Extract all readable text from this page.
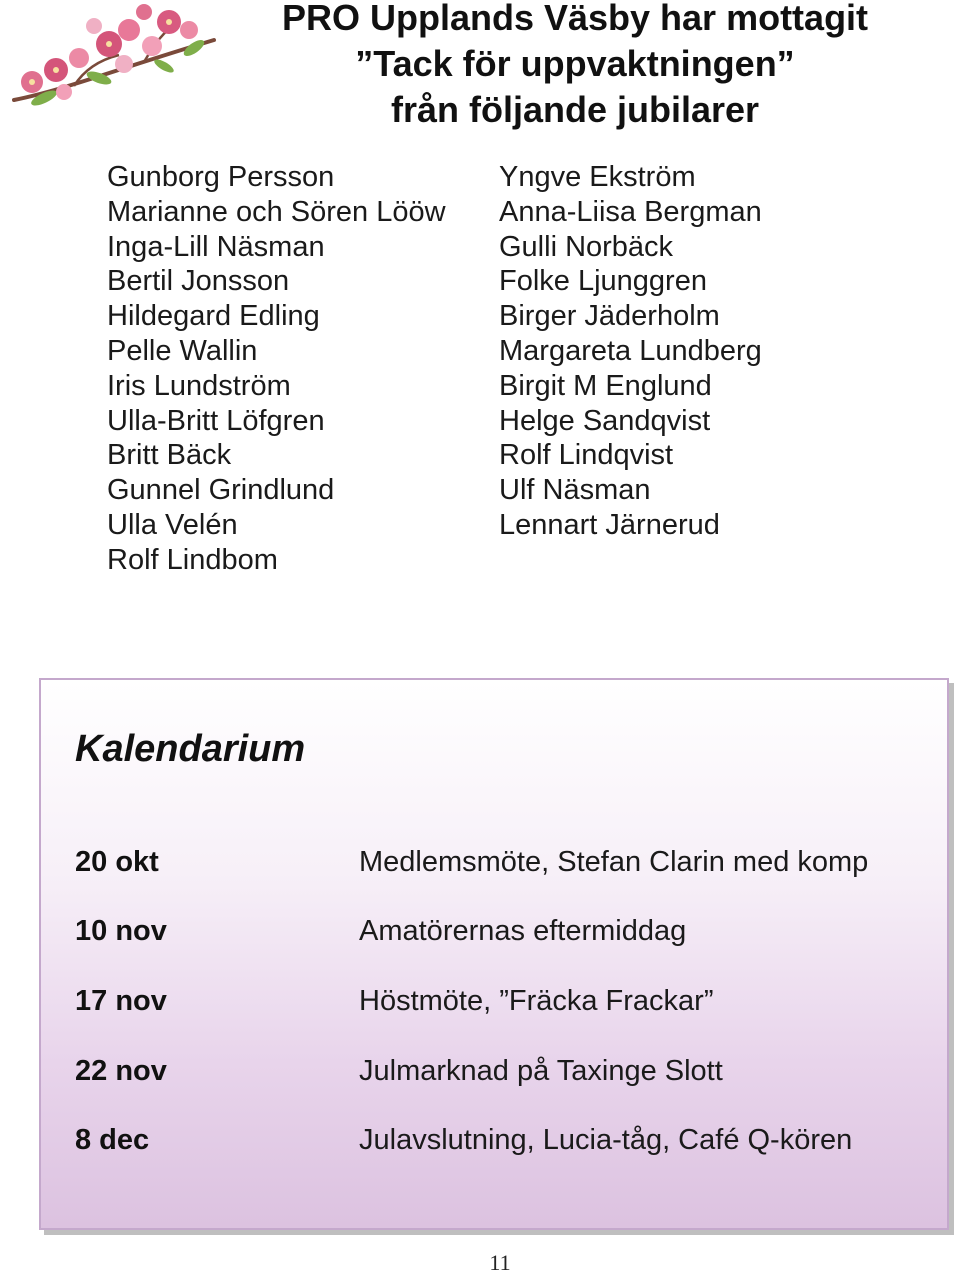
PRO Upplands Väsby har mottagit
”Tack för uppvaktningen”
från följande jubilarer
Gunborg Persson
Marianne och Sören Lööw
Inga-Lill Näsman
Bertil Jonsson
Hildegard Edling
Pelle Wallin
Iris Lundström
Ulla-Britt Löfgren
Britt Bäck
Gunnel Grindlund
Ulla Velén
Rolf Lindbom
Yngve Ekström
Anna-Liisa Bergman
Gulli Norbäck
Folke Ljunggren
Birger Jäderholm
Margareta Lundberg
Birgit M Englund
Helge Sandqvist
Rolf Lindqvist
Ulf Näsman
Lennart Järnerud
Kalendarium
20 okt	Medlemsmöte, Stefan Clarin med komp
10 nov	Amatörernas eftermiddag
17 nov	Höstmöte, ”Fräcka Frackar”
22 nov	Julmarknad på Taxinge Slott
8 dec	Julavslutning, Lucia-tåg, Café Q-kören
11
